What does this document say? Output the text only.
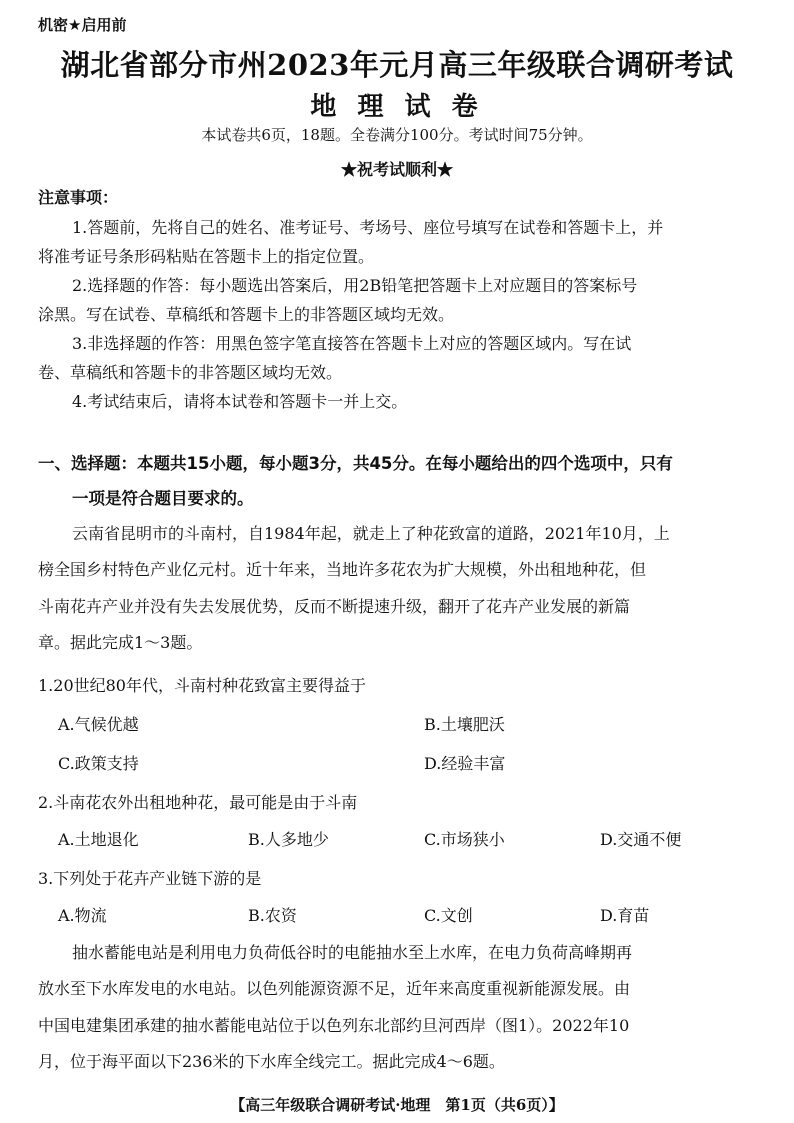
机密★启用前
湖北省部分市州2023年元月高三年级联合调研考试
地 理 试 卷
本试卷共6页，18题。全卷满分100分。考试时间75分钟。
★祝考试顺利★
注意事项：
1.答题前，先将自己的姓名、准考证号、考场号、座位号填写在试卷和答题卡上，并
将准考证号条形码粘贴在答题卡上的指定位置。
2.选择题的作答：每小题选出答案后，用2B铅笔把答题卡上对应题目的答案标号
涂黑。写在试卷、草稿纸和答题卡上的非答题区域均无效。
3.非选择题的作答：用黑色签字笔直接答在答题卡上对应的答题区域内。写在试
卷、草稿纸和答题卡的非答题区域均无效。
4.考试结束后，请将本试卷和答题卡一并上交。
一、选择题：本题共15小题，每小题3分，共45分。在每小题给出的四个选项中，只有
一项是符合题目要求的。
云南省昆明市的斗南村，自1984年起，就走上了种花致富的道路，2021年10月，上
榜全国乡村特色产业亿元村。近十年来，当地许多花农为扩大规模，外出租地种花，但
斗南花卉产业并没有失去发展优势，反而不断提速升级，翻开了花卉产业发展的新篇
章。据此完成1～3题。
1.20世纪80年代，斗南村种花致富主要得益于
A.气候优越	B.土壤肥沃
C.政策支持	D.经验丰富
2.斗南花农外出租地种花，最可能是由于斗南
A.土地退化	B.人多地少	C.市场狭小	D.交通不便
3.下列处于花卉产业链下游的是
A.物流	B.农资	C.文创	D.育苗
抽水蓄能电站是利用电力负荷低谷时的电能抽水至上水库，在电力负荷高峰期再
放水至下水库发电的水电站。以色列能源资源不足，近年来高度重视新能源发展。由
中国电建集团承建的抽水蓄能电站位于以色列东北部约旦河西岸（图1）。2022年10
月，位于海平面以下236米的下水库全线完工。据此完成4～6题。
【高三年级联合调研考试·地理　第1页（共6页）】
